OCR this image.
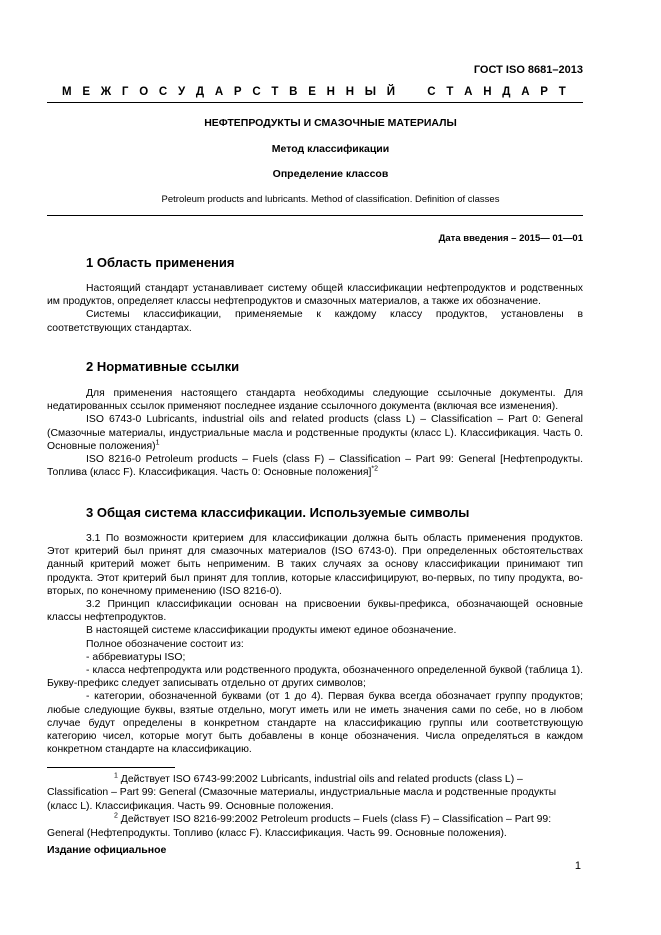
ГОСТ ISO 8681–2013
М Е Ж Г О С У Д А Р С Т В Е Н Н Ы Й	С Т А Н Д А Р Т
НЕФТЕПРОДУКТЫ И СМАЗОЧНЫЕ МАТЕРИАЛЫ
Метод классификации
Определение классов
Petroleum products and lubricants. Method of classification. Definition of classes
Дата введения – 2015— 01—01
1 Область применения

Настоящий стандарт устанавливает систему общей классификации нефтепродуктов и родственных им продуктов, определяет классы нефтепродуктов и смазочных материалов, а также их обозначение.

Системы классификации, применяемые к каждому классу продуктов, установлены в соответствующих стандартах.

2 Нормативные ссылки

Для применения настоящего стандарта необходимы следующие ссылочные документы. Для недатированных ссылок применяют последнее издание ссылочного документа (включая все изменения).

ISO 6743-0 Lubricants, industrial oils and related products (class L) – Classification – Part 0: General (Смазочные материалы, индустриальные масла и родственные продукты (класс L). Классификация. Часть 0. Основные положения)$^1$

ISO 8216-0 Petroleum products – Fuels (class F) – Classification – Part 99: General [Нефтепродукты. Топлива (класс F). Классификация. Часть 0: Основные положения]$^{*2}$

3 Общая система классификации. Используемые символы

3.1 По возможности критерием для классификации должна быть область применения продуктов. Этот критерий был принят для смазочных материалов (ISO 6743-0). При определенных обстоятельствах данный критерий может быть неприменим. В таких случаях за основу классификации принимают тип продукта. Этот критерий был принят для топлив, которые классифицируют, во-первых, по типу продукта, во-вторых, по конечному применению (ISO 8216-0).

3.2 Принцип классификации основан на присвоении буквы-префикса, обозначающей основные классы нефтепродуктов.

В настоящей системе классификации продукты имеют единое обозначение.

Полное обозначение состоит из:

- аббревиатуры ISO;

- класса нефтепродукта или родственного продукта, обозначенного определенной буквой (таблица 1). Букву-префикс следует записывать отдельно от других символов;

- категории, обозначенной буквами (от 1 до 4). Первая буква всегда обозначает группу продуктов; любые следующие буквы, взятые отдельно, могут иметь или не иметь значения сами по себе, но в любом случае будут определены в конкретном стандарте на классификацию группы или соответствующую категорию чисел, которые могут быть добавлены в конце обозначения. Числа определяться в каждом конкретном стандарте на классификацию.

$^1$ Действует ISO 6743-99:2002 Lubricants, industrial oils and related products (class L) – Classification – Part 99: General (Смазочные материалы, индустриальные масла и родственные продукты (класс L). Классификация. Часть 99. Основные положения.

$^2$ Действует ISO 8216-99:2002 Petroleum products – Fuels (class F) – Classification – Part 99: General (Нефтепродукты. Топливо (класс F). Классификация. Часть 99. Основные положения).

Издание официальное
1
